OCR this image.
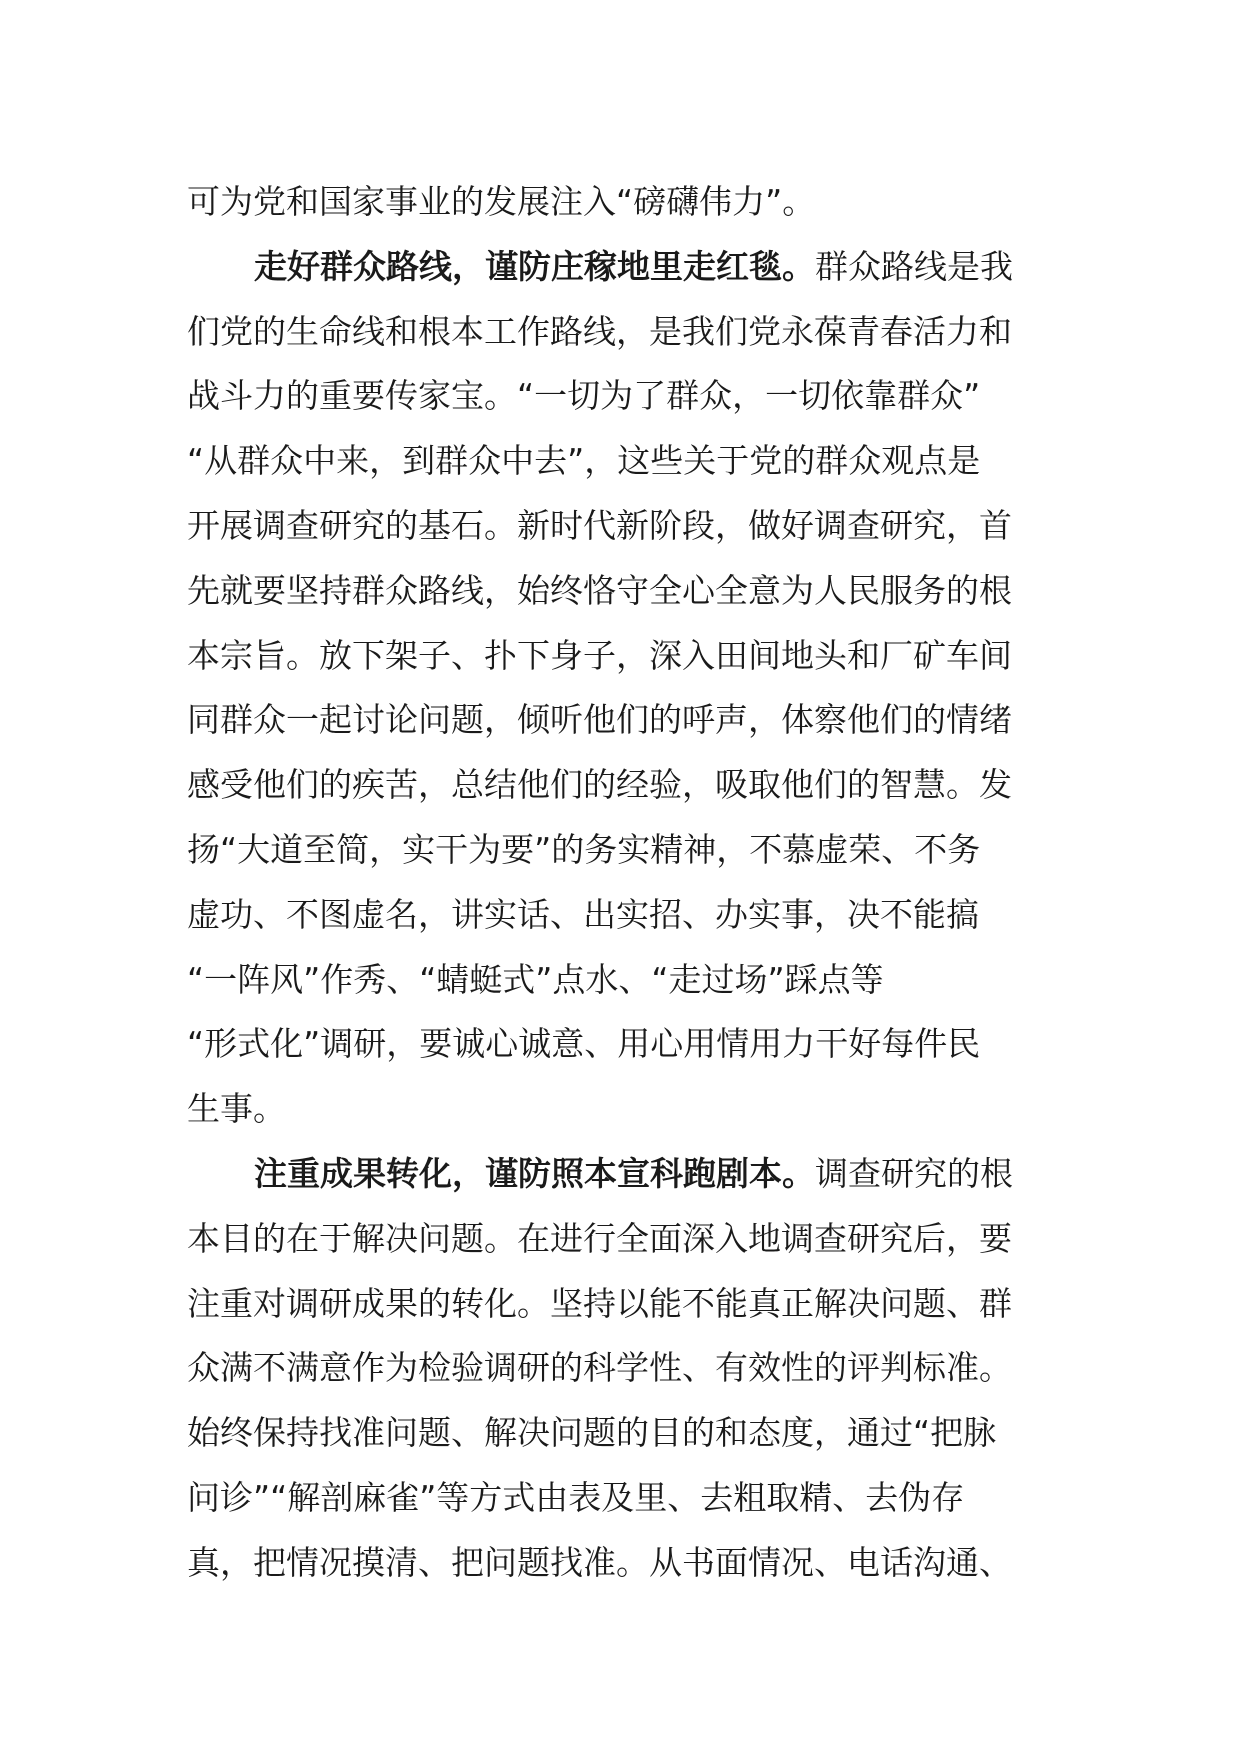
可为党和国家事业的发展注入“磅礴伟力”。
走好群众路线，谨防庄稼地里走红毯。群众路线是我
们党的生命线和根本工作路线，是我们党永葆青春活力和
战斗力的重要传家宝。“一切为了群众，一切依靠群众”
“从群众中来，到群众中去”，这些关于党的群众观点是
开展调查研究的基石。新时代新阶段，做好调查研究，首
先就要坚持群众路线，始终恪守全心全意为人民服务的根
本宗旨。放下架子、扑下身子，深入田间地头和厂矿车间
同群众一起讨论问题，倾听他们的呼声，体察他们的情绪
感受他们的疾苦，总结他们的经验，吸取他们的智慧。发
扬“大道至简，实干为要”的务实精神，不慕虚荣、不务
虚功、不图虚名，讲实话、出实招、办实事，决不能搞
“一阵风”作秀、“蜻蜓式”点水、“走过场”踩点等
“形式化”调研，要诚心诚意、用心用情用力干好每件民
生事。
注重成果转化，谨防照本宣科跑剧本。调查研究的根
本目的在于解决问题。在进行全面深入地调查研究后，要
注重对调研成果的转化。坚持以能不能真正解决问题、群
众满不满意作为检验调研的科学性、有效性的评判标准。
始终保持找准问题、解决问题的目的和态度，通过“把脉
问诊”“解剖麻雀”等方式由表及里、去粗取精、去伪存
真，把情况摸清、把问题找准。从书面情况、电话沟通、
